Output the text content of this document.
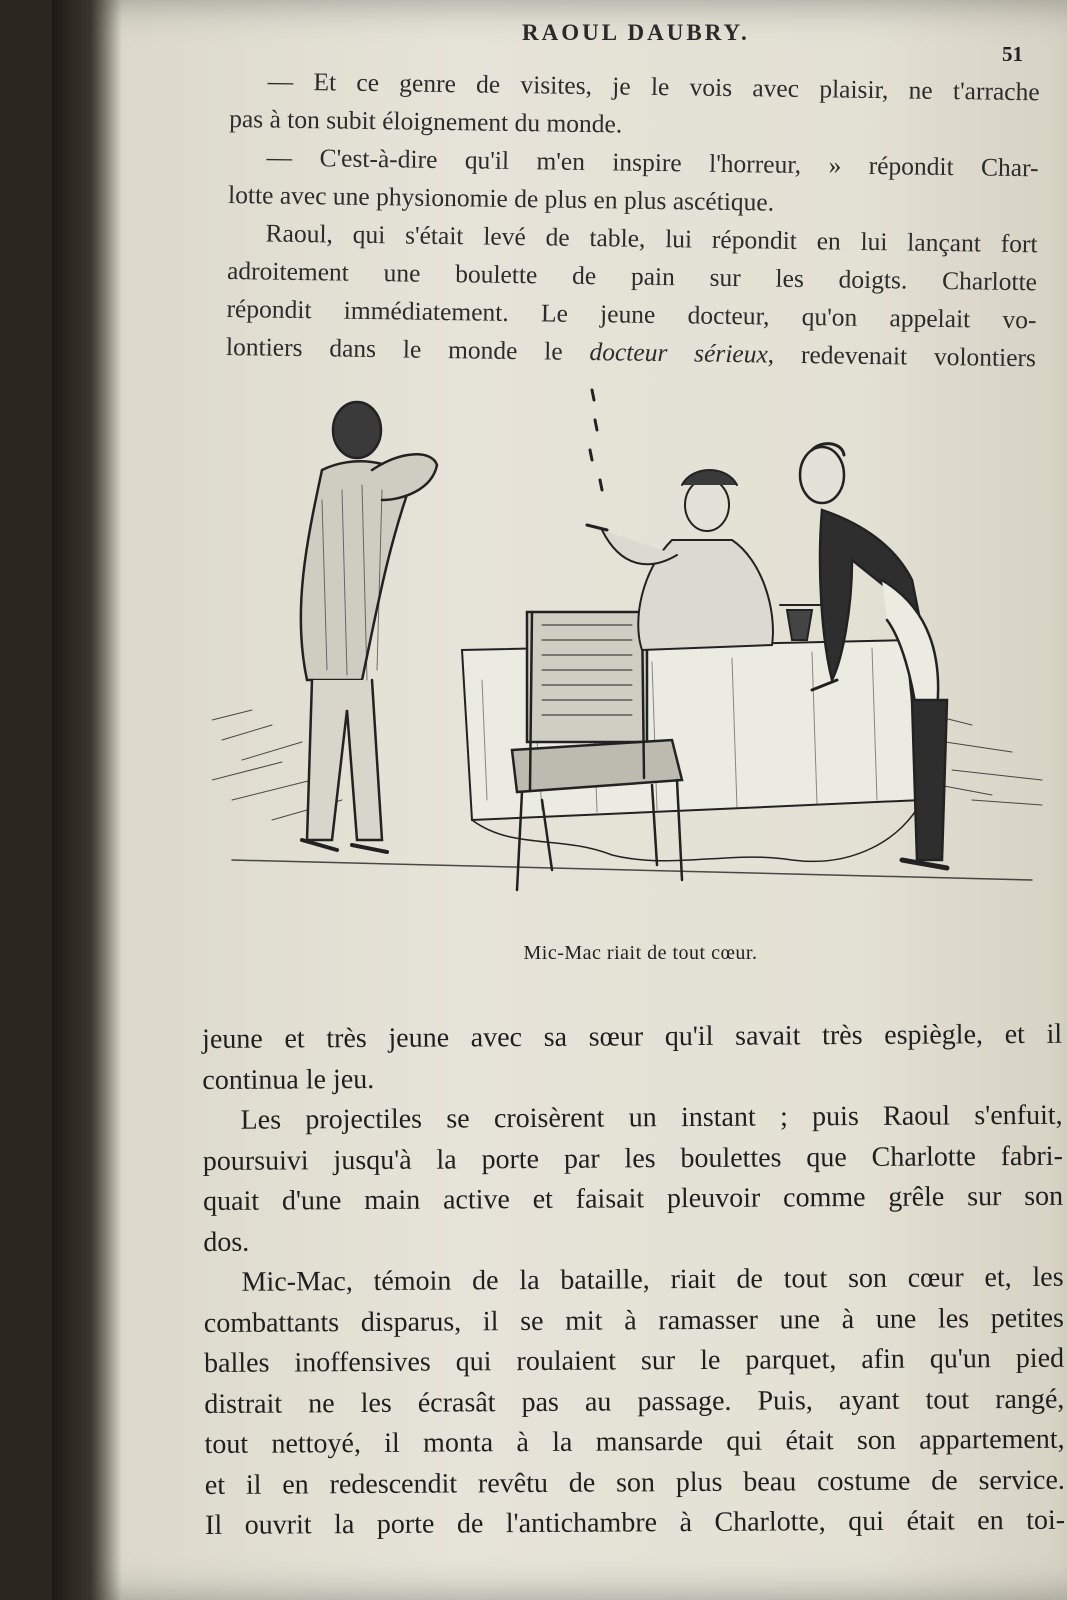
RAOUL DAUBRY.
51
— Et ce genre de visites, je le vois avec plaisir, ne t'arrache
pas à ton subit éloignement du monde.
— C'est-à-dire qu'il m'en inspire l'horreur, » répondit Char-
lotte avec une physionomie de plus en plus ascétique.
Raoul, qui s'était levé de table, lui répondit en lui lançant fort
adroitement une boulette de pain sur les doigts. Charlotte
répondit immédiatement. Le jeune docteur, qu'on appelait vo-
lontiers dans le monde le docteur sérieux, redevenait volontiers
Mic-Mac riait de tout cœur.
jeune et très jeune avec sa sœur qu'il savait très espiègle, et il
continua le jeu.
Les projectiles se croisèrent un instant ; puis Raoul s'enfuit,
poursuivi jusqu'à la porte par les boulettes que Charlotte fabri-
quait d'une main active et faisait pleuvoir comme grêle sur son
dos.
Mic-Mac, témoin de la bataille, riait de tout son cœur et, les
combattants disparus, il se mit à ramasser une à une les petites
balles inoffensives qui roulaient sur le parquet, afin qu'un pied
distrait ne les écrasât pas au passage. Puis, ayant tout rangé,
tout nettoyé, il monta à la mansarde qui était son appartement,
et il en redescendit revêtu de son plus beau costume de service.
Il ouvrit la porte de l'antichambre à Charlotte, qui était en toi-
